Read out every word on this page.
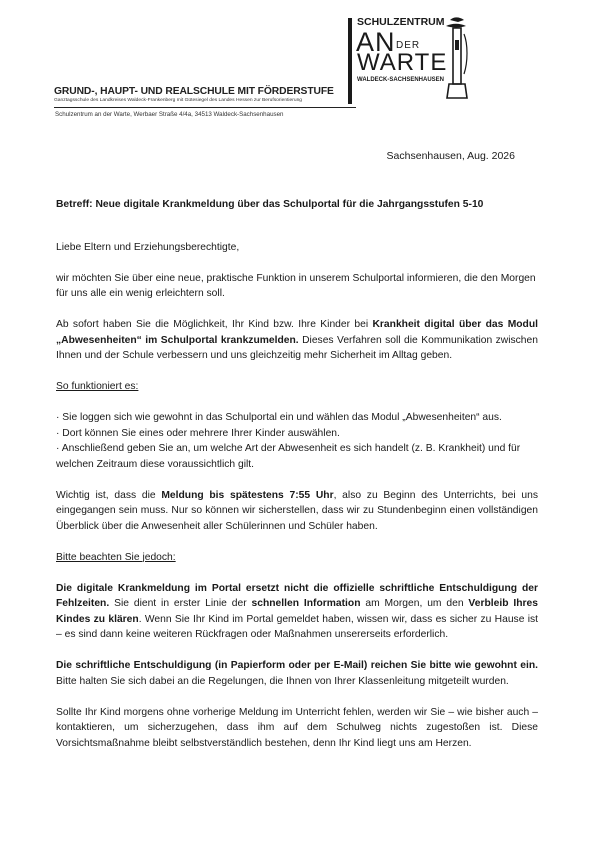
GRUND-, HAUPT- UND REALSCHULE MIT FÖRDERSTUFE
Ganztagsschule des Landkreises Waldeck-Frankenberg mit Gütesiegel des Landes Hessen zur Berufsorientierung
Schulzentrum an der Warte, Werbaer Straße 4/4a, 34513 Waldeck-Sachsenhausen
SCHULZENTRUM
AN DER
WARTE
WALDECK-SACHSENHAUSEN
Sachsenhausen, Aug. 2026

Betreff: Neue digitale Krankmeldung über das Schulportal für die Jahrgangsstufen 5-10

Liebe Eltern und Erziehungsberechtigte,

wir möchten Sie über eine neue, praktische Funktion in unserem Schulportal informieren, die den Morgen für uns alle ein wenig erleichtern soll.

Ab sofort haben Sie die Möglichkeit, Ihr Kind bzw. Ihre Kinder bei Krankheit digital über das Modul „Abwesenheiten“ im Schulportal krankzumelden. Dieses Verfahren soll die Kommunikation zwischen Ihnen und der Schule verbessern und uns gleichzeitig mehr Sicherheit im Alltag geben.

So funktioniert es:

· Sie loggen sich wie gewohnt in das Schulportal ein und wählen das Modul „Abwesenheiten“ aus.

· Dort können Sie eines oder mehrere Ihrer Kinder auswählen.

· Anschließend geben Sie an, um welche Art der Abwesenheit es sich handelt (z. B. Krankheit) und für welchen Zeitraum diese voraussichtlich gilt.

Wichtig ist, dass die Meldung bis spätestens 7:55 Uhr, also zu Beginn des Unterrichts, bei uns eingegangen sein muss. Nur so können wir sicherstellen, dass wir zu Stundenbeginn einen vollständigen Überblick über die Anwesenheit aller Schülerinnen und Schüler haben.

Bitte beachten Sie jedoch:

Die digitale Krankmeldung im Portal ersetzt nicht die offizielle schriftliche Entschuldigung der Fehlzeiten. Sie dient in erster Linie der schnellen Information am Morgen, um den Verbleib Ihres Kindes zu klären. Wenn Sie Ihr Kind im Portal gemeldet haben, wissen wir, dass es sicher zu Hause ist – es sind dann keine weiteren Rückfragen oder Maßnahmen unsererseits erforderlich.

Die schriftliche Entschuldigung (in Papierform oder per E-Mail) reichen Sie bitte wie gewohnt ein. Bitte halten Sie sich dabei an die Regelungen, die Ihnen von Ihrer Klassenleitung mitgeteilt wurden.

Sollte Ihr Kind morgens ohne vorherige Meldung im Unterricht fehlen, werden wir Sie – wie bisher auch – kontaktieren, um sicherzugehen, dass ihm auf dem Schulweg nichts zugestoßen ist. Diese Vorsichtsmaßnahme bleibt selbstverständlich bestehen, denn Ihr Kind liegt uns am Herzen.
